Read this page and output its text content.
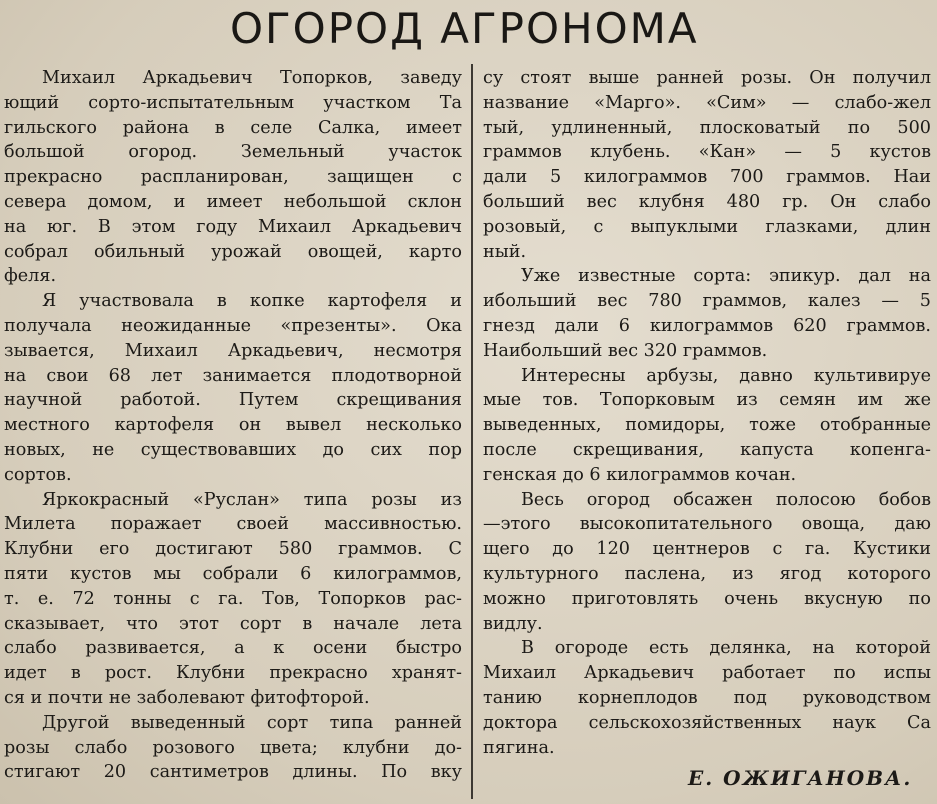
ОГОРОД АГРОНОМА
Михаил Аркадьевич Топорков, заведу
ющий сорто-испытательным участком Та
гильского района в селе Салка, имеет
большой огород. Земельный участок
прекрасно распланирован, защищен с
севера домом, и имеет небольшой склон
на юг. В этом году Михаил Аркадьевич
собрал обильный урожай овощей, карто
феля.
Я участвовала в копке картофеля и
получала неожиданные «презенты». Ока
зывается, Михаил Аркадьевич, несмотря
на свои 68 лет занимается плодотворной
научной работой. Путем скрещивания
местного картофеля он вывел несколько
новых, не существовавших до сих пор
сортов.
Яркокрасный «Руслан» типа розы из
Милета поражает своей массивностью.
Клубни его достигают 580 граммов. С
пяти кустов мы собрали 6 килограммов,
т. е. 72 тонны с га. Тов, Топорков рас-
сказывает, что этот сорт в начале лета
слабо развивается, а к осени быстро
идет в рост. Клубни прекрасно хранят-
ся и почти не заболевают фитофторой.
Другой выведенный сорт типа ранней
розы слабо розового цвета; клубни до-
стигают 20 сантиметров длины. По вку
су стоят выше ранней розы. Он получил
название «Марго». «Сим» — слабо-жел
тый, удлиненный, плосковатый по 500
граммов клубень. «Кан» — 5 кустов
дали 5 килограммов 700 граммов. Наи
больший вес клубня 480 гр. Он слабо
розовый, с выпуклыми глазками, длин
ный.
Уже известные сорта: эпикур. дал на
ибольший вес 780 граммов, калез — 5
гнезд дали 6 килограммов 620 граммов.
Наибольший вес 320 граммов.
Интересны арбузы, давно культивируе
мые тов. Топорковым из семян им же
выведенных, помидоры, тоже отобранные
после скрещивания, капуста копенга-
генская до 6 килограммов кочан.
Весь огород обсажен полосою бобов
—этого высокопитательного овоща, даю
щего до 120 центнеров с га. Кустики
культурного паслена, из ягод которого
можно приготовлять очень вкусную по
видлу.
В огороде есть делянка, на которой
Михаил Аркадьевич работает по испы
танию корнеплодов под руководством
доктора сельскохозяйственных наук Са
пягина.
Е. ОЖИГАНОВА.
